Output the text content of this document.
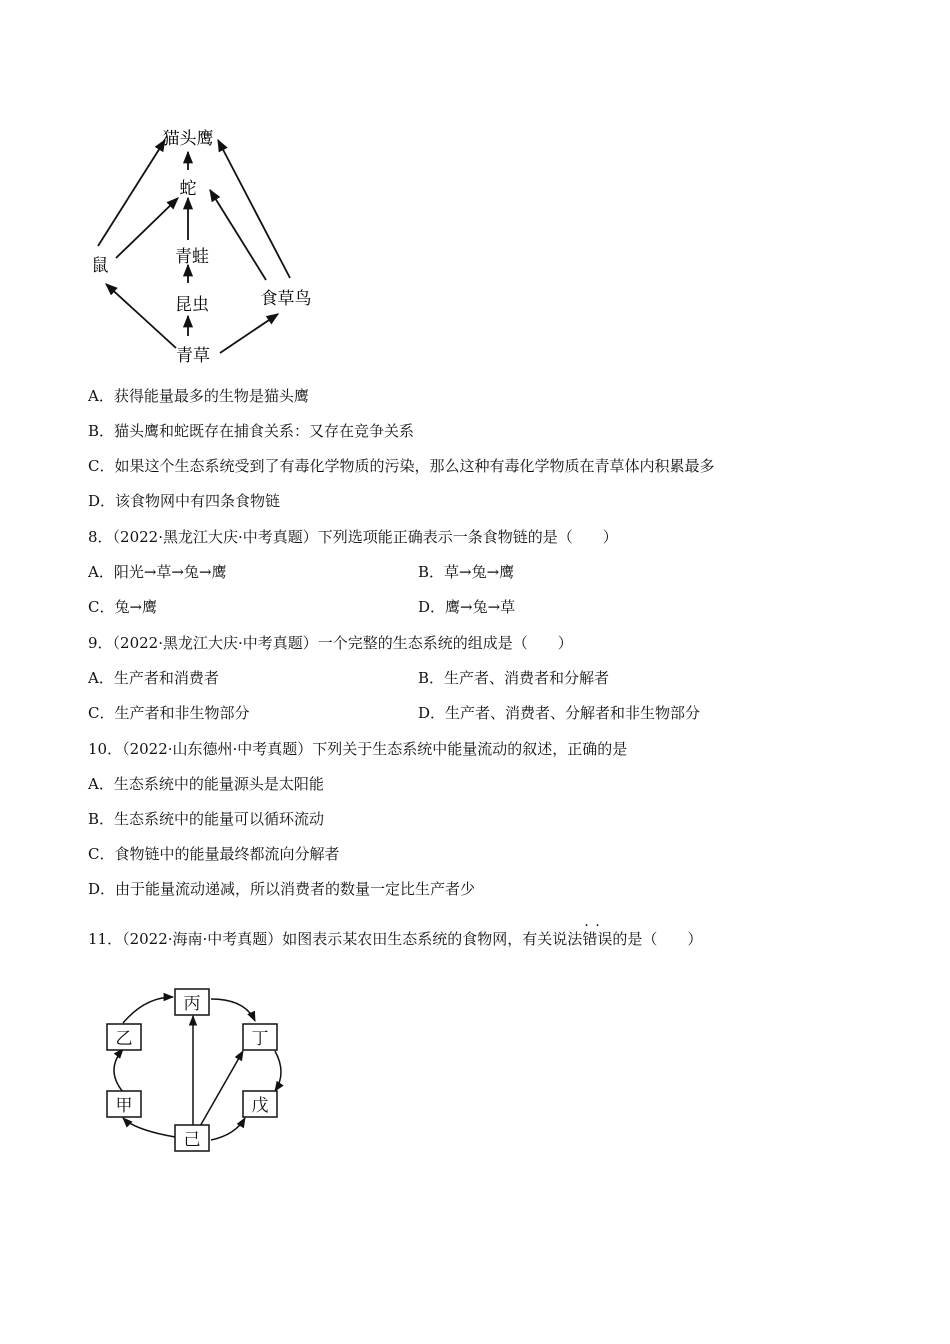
猫头鹰
蛇
鼠	青蛙
昆虫	食草鸟
青草
A．获得能量最多的生物是猫头鹰
B．猫头鹰和蛇既存在捕食关系：又存在竞争关系
C．如果这个生态系统受到了有毒化学物质的污染，那么这种有毒化学物质在青草体内积累最多
D．该食物网中有四条食物链
8．（2022·黑龙江大庆·中考真题）下列选项能正确表示一条食物链的是（　　）
A．阳光→草→兔→鹰	B．草→兔→鹰
C．兔→鹰	D．鹰→兔→草
9．（2022·黑龙江大庆·中考真题）一个完整的生态系统的组成是（　　）
A．生产者和消费者	B．生产者、消费者和分解者
C．生产者和非生物部分	D．生产者、消费者、分解者和非生物部分
10．（2022·山东德州·中考真题）下列关于生态系统中能量流动的叙述，正确的是
A．生态系统中的能量源头是太阳能
B．生态系统中的能量可以循环流动
C．食物链中的能量最终都流向分解者
D．由于能量流动递减，所以消费者的数量一定比生产者少
11．（2022·海南·中考真题）如图表示某农田生态系统的食物网，有关说法· · 错误的是（　　）
丙
乙	丁
甲	戊
己
